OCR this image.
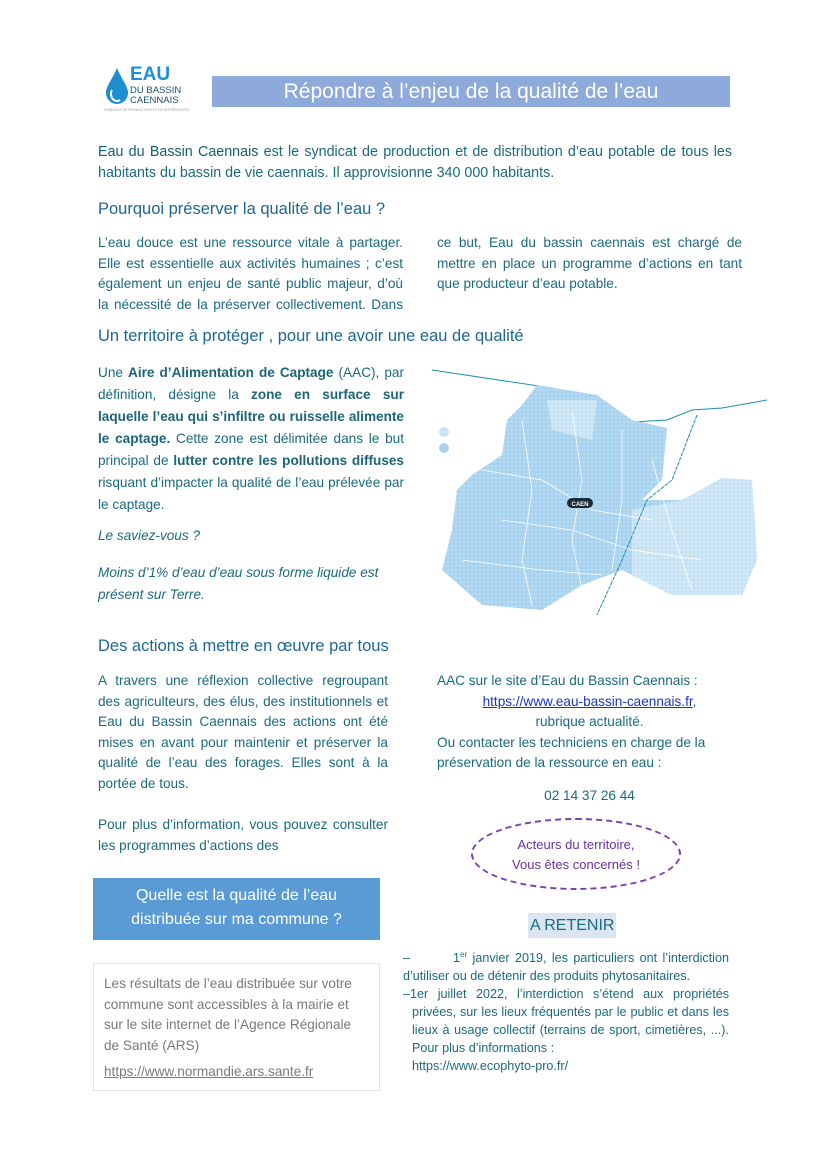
EAU
DU BASSIN
CAENNAIS
SYNDICAT DE PRODUCTION ET DE DISTRIBUTION
Répondre à l’enjeu de la qualité de l’eau
Eau du Bassin Caennais est le syndicat de production et de distribution d’eau potable de tous les habitants du bassin de vie caennais. Il approvisionne 340 000 habitants.
Pourquoi préserver la qualité de l’eau ?
L’eau douce est une ressource vitale à partager. Elle est essentielle aux activités humaines ; c’est également un enjeu de santé public majeur, d’où la nécessité de la préserver collectivement. Dans ce but, Eau du bassin caennais est chargé de mettre en place un programme d’actions en tant que producteur d’eau potable.
Un territoire à protéger , pour une avoir une eau de qualité
Une Aire d’Alimentation de Captage (AAC), par définition, désigne la zone en surface sur laquelle l’eau qui s’infiltre ou ruisselle alimente le captage. Cette zone est délimitée dans le but principal de lutter contre les pollutions diffuses risquant d’impacter la qualité de l’eau prélevée par le captage.
Le saviez-vous ?
Moins d’1% d’eau d’eau sous forme liquide est présent sur Terre.
CAEN
Des actions à mettre en œuvre par tous
A travers une réflexion collective regroupant des agriculteurs, des élus, des institutionnels et Eau du Bassin Caennais des actions ont été mises en avant pour maintenir et préserver la qualité de l’eau des forages. Elles sont à la portée de tous.
Pour plus d’information, vous pouvez consulter les programmes d’actions des
AAC sur le site d’Eau du Bassin Caennais :
https://www.eau-bassin-caennais.fr,
rubrique actualité.
Ou contacter les techniciens en charge de la préservation de la ressource en eau :
02 14 37 26 44
Acteurs du territoire,
Vous êtes concernés !
Quelle est la qualité de l’eau distribuée sur ma commune ?
Les résultats de l’eau distribuée sur votre commune sont accessibles à la mairie et sur le site internet de l’Agence Régionale de Santé (ARS)
https://www.normandie.ars.sante.fr
A RETENIR
–        1er janvier 2019, les particuliers ont l’interdiction d’utiliser ou de détenir des produits phytosanitaires.
–1er juillet 2022, l’interdiction s’étend aux propriétés privées, sur les lieux fréquentés par le public et dans les lieux à usage collectif (terrains de sport, cimetières, ...). Pour plus d’informations :
https://www.ecophyto-pro.fr/
